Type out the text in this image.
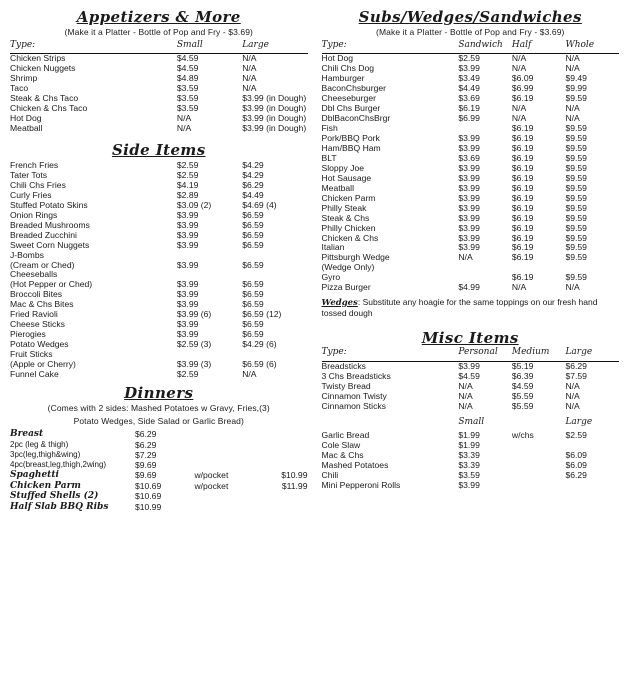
Appetizers & More
(Make it a Platter - Bottle of Pop and Fry - $3.69)
Type:	Small	Large
Chicken Strips	$4.59	N/A
Chicken Nuggets	$4.59	N/A
Shrimp	$4.89	N/A
Taco	$3.59	N/A
Steak & Chs Taco	$3.59	$3.99 (in Dough)
Chicken & Chs Taco	$3.59	$3.99 (in Dough)
Hot Dog	N/A	$3.99 (in Dough)
Meatball	N/A	$3.99 (in Dough)
Side Items
French Fries	$2.59	$4.29
Tater Tots	$2.59	$4.29
Chili Chs Fries	$4.19	$6.29
Curly Fries	$2.89	$4.49
Stuffed Potato Skins	$3.09 (2)	$4.69 (4)
Onion Rings	$3.99	$6.59
Breaded Mushrooms	$3.99	$6.59
Breaded Zucchini	$3.99	$6.59
Sweet Corn Nuggets	$3.99	$6.59
J-Bombs		
(Cream or Ched)	$3.99	$6.59
Cheeseballs		
(Hot Pepper or Ched)	$3.99	$6.59
Broccoli Bites	$3.99	$6.59
Mac & Chs Bites	$3.99	$6.59
Fried Ravioli	$3.99 (6)	$6.59 (12)
Cheese Sticks	$3.99	$6.59
Pierogies	$3.99	$6.59
Potato Wedges	$2.59 (3)	$4.29 (6)
Fruit Sticks		
(Apple or Cherry)	$3.99 (3)	$6.59 (6)
Funnel Cake	$2.59	N/A
Dinners
(Comes with 2 sides: Mashed Potatoes w Gravy, Fries,(3)
Potato Wedges, Side Salad or Garlic Bread)
Breast	$6.29		
2pc (leg & thigh)	$6.29		
3pc(leg,thigh&wing)	$7.29		
4pc(breast,leg,thigh,2wing)	$9.69		
Spaghetti	$9.69	w/pocket	$10.99
Chicken Parm	$10.69	w/pocket	$11.99
Stuffed Shells (2)	$10.69		
Half Slab BBQ Ribs	$10.99		
Subs/Wedges/Sandwiches
(Make it a Platter - Bottle of Pop and Fry - $3.69)
Type:	Sandwich	Half	Whole
Hot Dog	$2.59	N/A	N/A
Chili Chs Dog	$3.99	N/A	N/A
Hamburger	$3.49	$6.09	$9.49
BaconChsburger	$4.49	$6.99	$9.99
Cheeseburger	$3.69	$6.19	$9.59
Dbl Chs Burger	$6.19	N/A	N/A
DblBaconChsBrgr	$6.99	N/A	N/A
Fish		$6.19	$9.59
Pork/BBQ Pork	$3.99	$6.19	$9.59
Ham/BBQ Ham	$3.99	$6.19	$9.59
BLT	$3.69	$6.19	$9.59
Sloppy Joe	$3.99	$6.19	$9.59
Hot Sausage	$3.99	$6.19	$9.59
Meatball	$3.99	$6.19	$9.59
Chicken Parm	$3.99	$6.19	$9.59
Philly Steak	$3.99	$6.19	$9.59
Steak & Chs	$3.99	$6.19	$9.59
Philly Chicken	$3.99	$6.19	$9.59
Chicken & Chs	$3.99	$6.19	$9.59
Italian	$3.99	$6.19	$9.59
Pittsburgh Wedge	N/A	$6.19	$9.59
(Wedge Only)			
Gyro		$6.19	$9.59
Pizza Burger	$4.99	N/A	N/A
Wedges: Substitute any hoagie for the same toppings on our fresh hand tossed dough
Misc Items
Type:	Personal	Medium	Large
Breadsticks	$3.99	$5.19	$6.29
3 Chs Breadsticks	$4.59	$6.39	$7.59
Twisty Bread	N/A	$4.59	N/A
Cinnamon Twisty	N/A	$5.59	N/A
Cinnamon Sticks	N/A	$5.59	N/A
	Small		Large
Garlic Bread	$1.99	w/chs	$2.59
Cole Slaw	$1.99		
Mac & Chs	$3.39		$6.09
Mashed Potatoes	$3.39		$6.09
Chili	$3.59		$6.29
Mini Pepperoni Rolls	$3.99		
